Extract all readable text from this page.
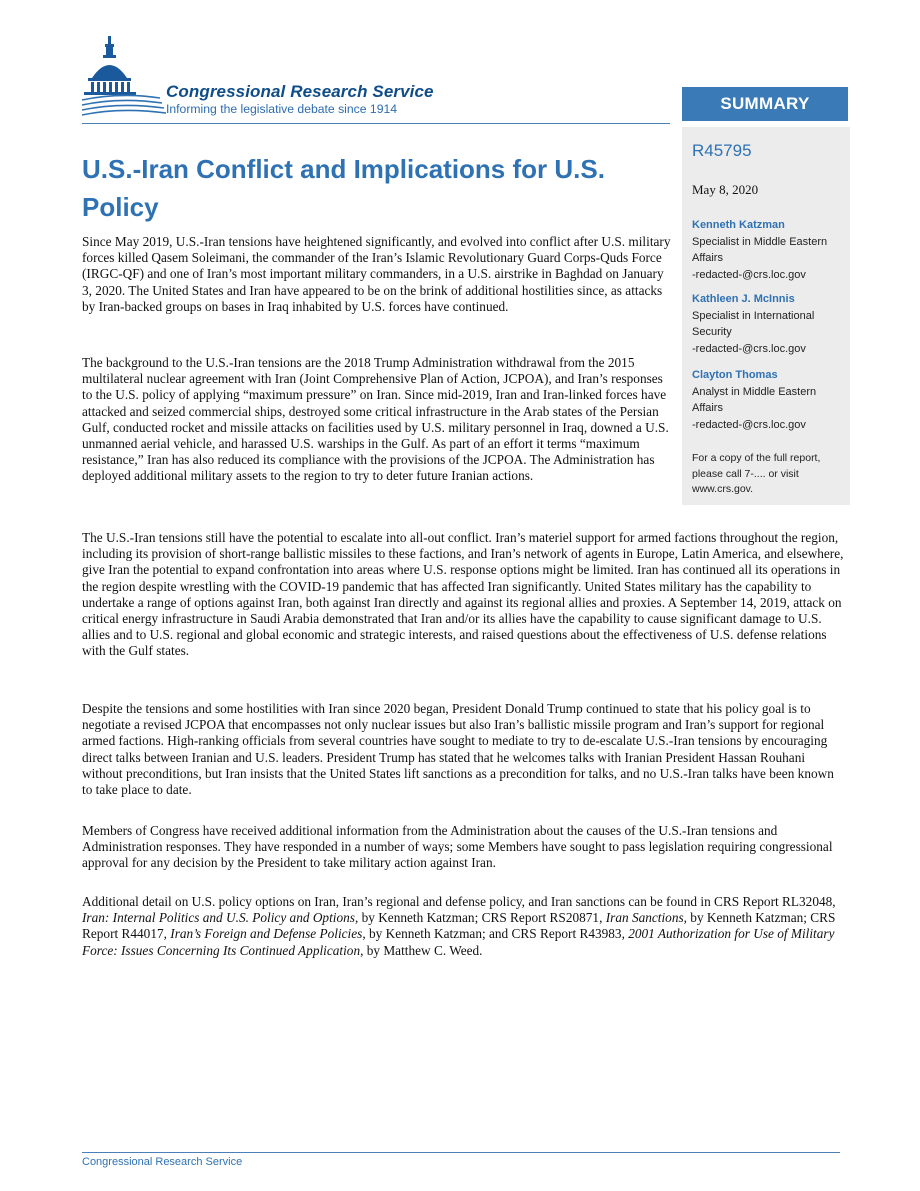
Congressional Research Service
Informing the legislative debate since 1914	SUMMARY
R45795
May 8, 2020
Kenneth Katzman
Specialist in Middle Eastern Affairs
-redacted-@crs.loc.gov
Kathleen J. McInnis
Specialist in International Security
-redacted-@crs.loc.gov
Clayton Thomas
Analyst in Middle Eastern Affairs
-redacted-@crs.loc.gov
For a copy of the full report, please call 7-.... or visit www.crs.gov.
U.S.-Iran Conflict and Implications for U.S. Policy

Since May 2019, U.S.-Iran tensions have heightened significantly, and evolved into conflict after U.S. military forces killed Qasem Soleimani, the commander of the Iran’s Islamic Revolutionary Guard Corps-Quds Force (IRGC-QF) and one of Iran’s most important military commanders, in a U.S. airstrike in Baghdad on January 3, 2020. The United States and Iran have appeared to be on the brink of additional hostilities since, as attacks by Iran-backed groups on bases in Iraq inhabited by U.S. forces have continued.

The background to the U.S.-Iran tensions are the 2018 Trump Administration withdrawal from the 2015 multilateral nuclear agreement with Iran (Joint Comprehensive Plan of Action, JCPOA), and Iran’s responses to the U.S. policy of applying “maximum pressure” on Iran. Since mid-2019, Iran and Iran-linked forces have attacked and seized commercial ships, destroyed some critical infrastructure in the Arab states of the Persian Gulf, conducted rocket and missile attacks on facilities used by U.S. military personnel in Iraq, downed a U.S. unmanned aerial vehicle, and harassed U.S. warships in the Gulf. As part of an effort it terms “maximum resistance,” Iran has also reduced its compliance with the provisions of the JCPOA. The Administration has deployed additional military assets to the region to try to deter future Iranian actions.

The U.S.-Iran tensions still have the potential to escalate into all-out conflict. Iran’s materiel support for armed factions throughout the region, including its provision of short-range ballistic missiles to these factions, and Iran’s network of agents in Europe, Latin America, and elsewhere, give Iran the potential to expand confrontation into areas where U.S. response options might be limited. Iran has continued all its operations in the region despite wrestling with the COVID-19 pandemic that has affected Iran significantly. United States military has the capability to undertake a range of options against Iran, both against Iran directly and against its regional allies and proxies. A September 14, 2019, attack on critical energy infrastructure in Saudi Arabia demonstrated that Iran and/or its allies have the capability to cause significant damage to U.S. allies and to U.S. regional and global economic and strategic interests, and raised questions about the effectiveness of U.S. defense relations with the Gulf states.

Despite the tensions and some hostilities with Iran since 2020 began, President Donald Trump continued to state that his policy goal is to negotiate a revised JCPOA that encompasses not only nuclear issues but also Iran’s ballistic missile program and Iran’s support for regional armed factions. High-ranking officials from several countries have sought to mediate to try to de-escalate U.S.-Iran tensions by encouraging direct talks between Iranian and U.S. leaders. President Trump has stated that he welcomes talks with Iranian President Hassan Rouhani without preconditions, but Iran insists that the United States lift sanctions as a precondition for talks, and no U.S.-Iran talks have been known to take place to date.

Members of Congress have received additional information from the Administration about the causes of the U.S.-Iran tensions and Administration responses. They have responded in a number of ways; some Members have sought to pass legislation requiring congressional approval for any decision by the President to take military action against Iran.

Additional detail on U.S. policy options on Iran, Iran’s regional and defense policy, and Iran sanctions can be found in CRS Report RL32048, Iran: Internal Politics and U.S. Policy and Options, by Kenneth Katzman; CRS Report RS20871, Iran Sanctions, by Kenneth Katzman; CRS Report R44017, Iran’s Foreign and Defense Policies, by Kenneth Katzman; and CRS Report R43983, 2001 Authorization for Use of Military Force: Issues Concerning Its Continued Application, by Matthew C. Weed.

Congressional Research Service
